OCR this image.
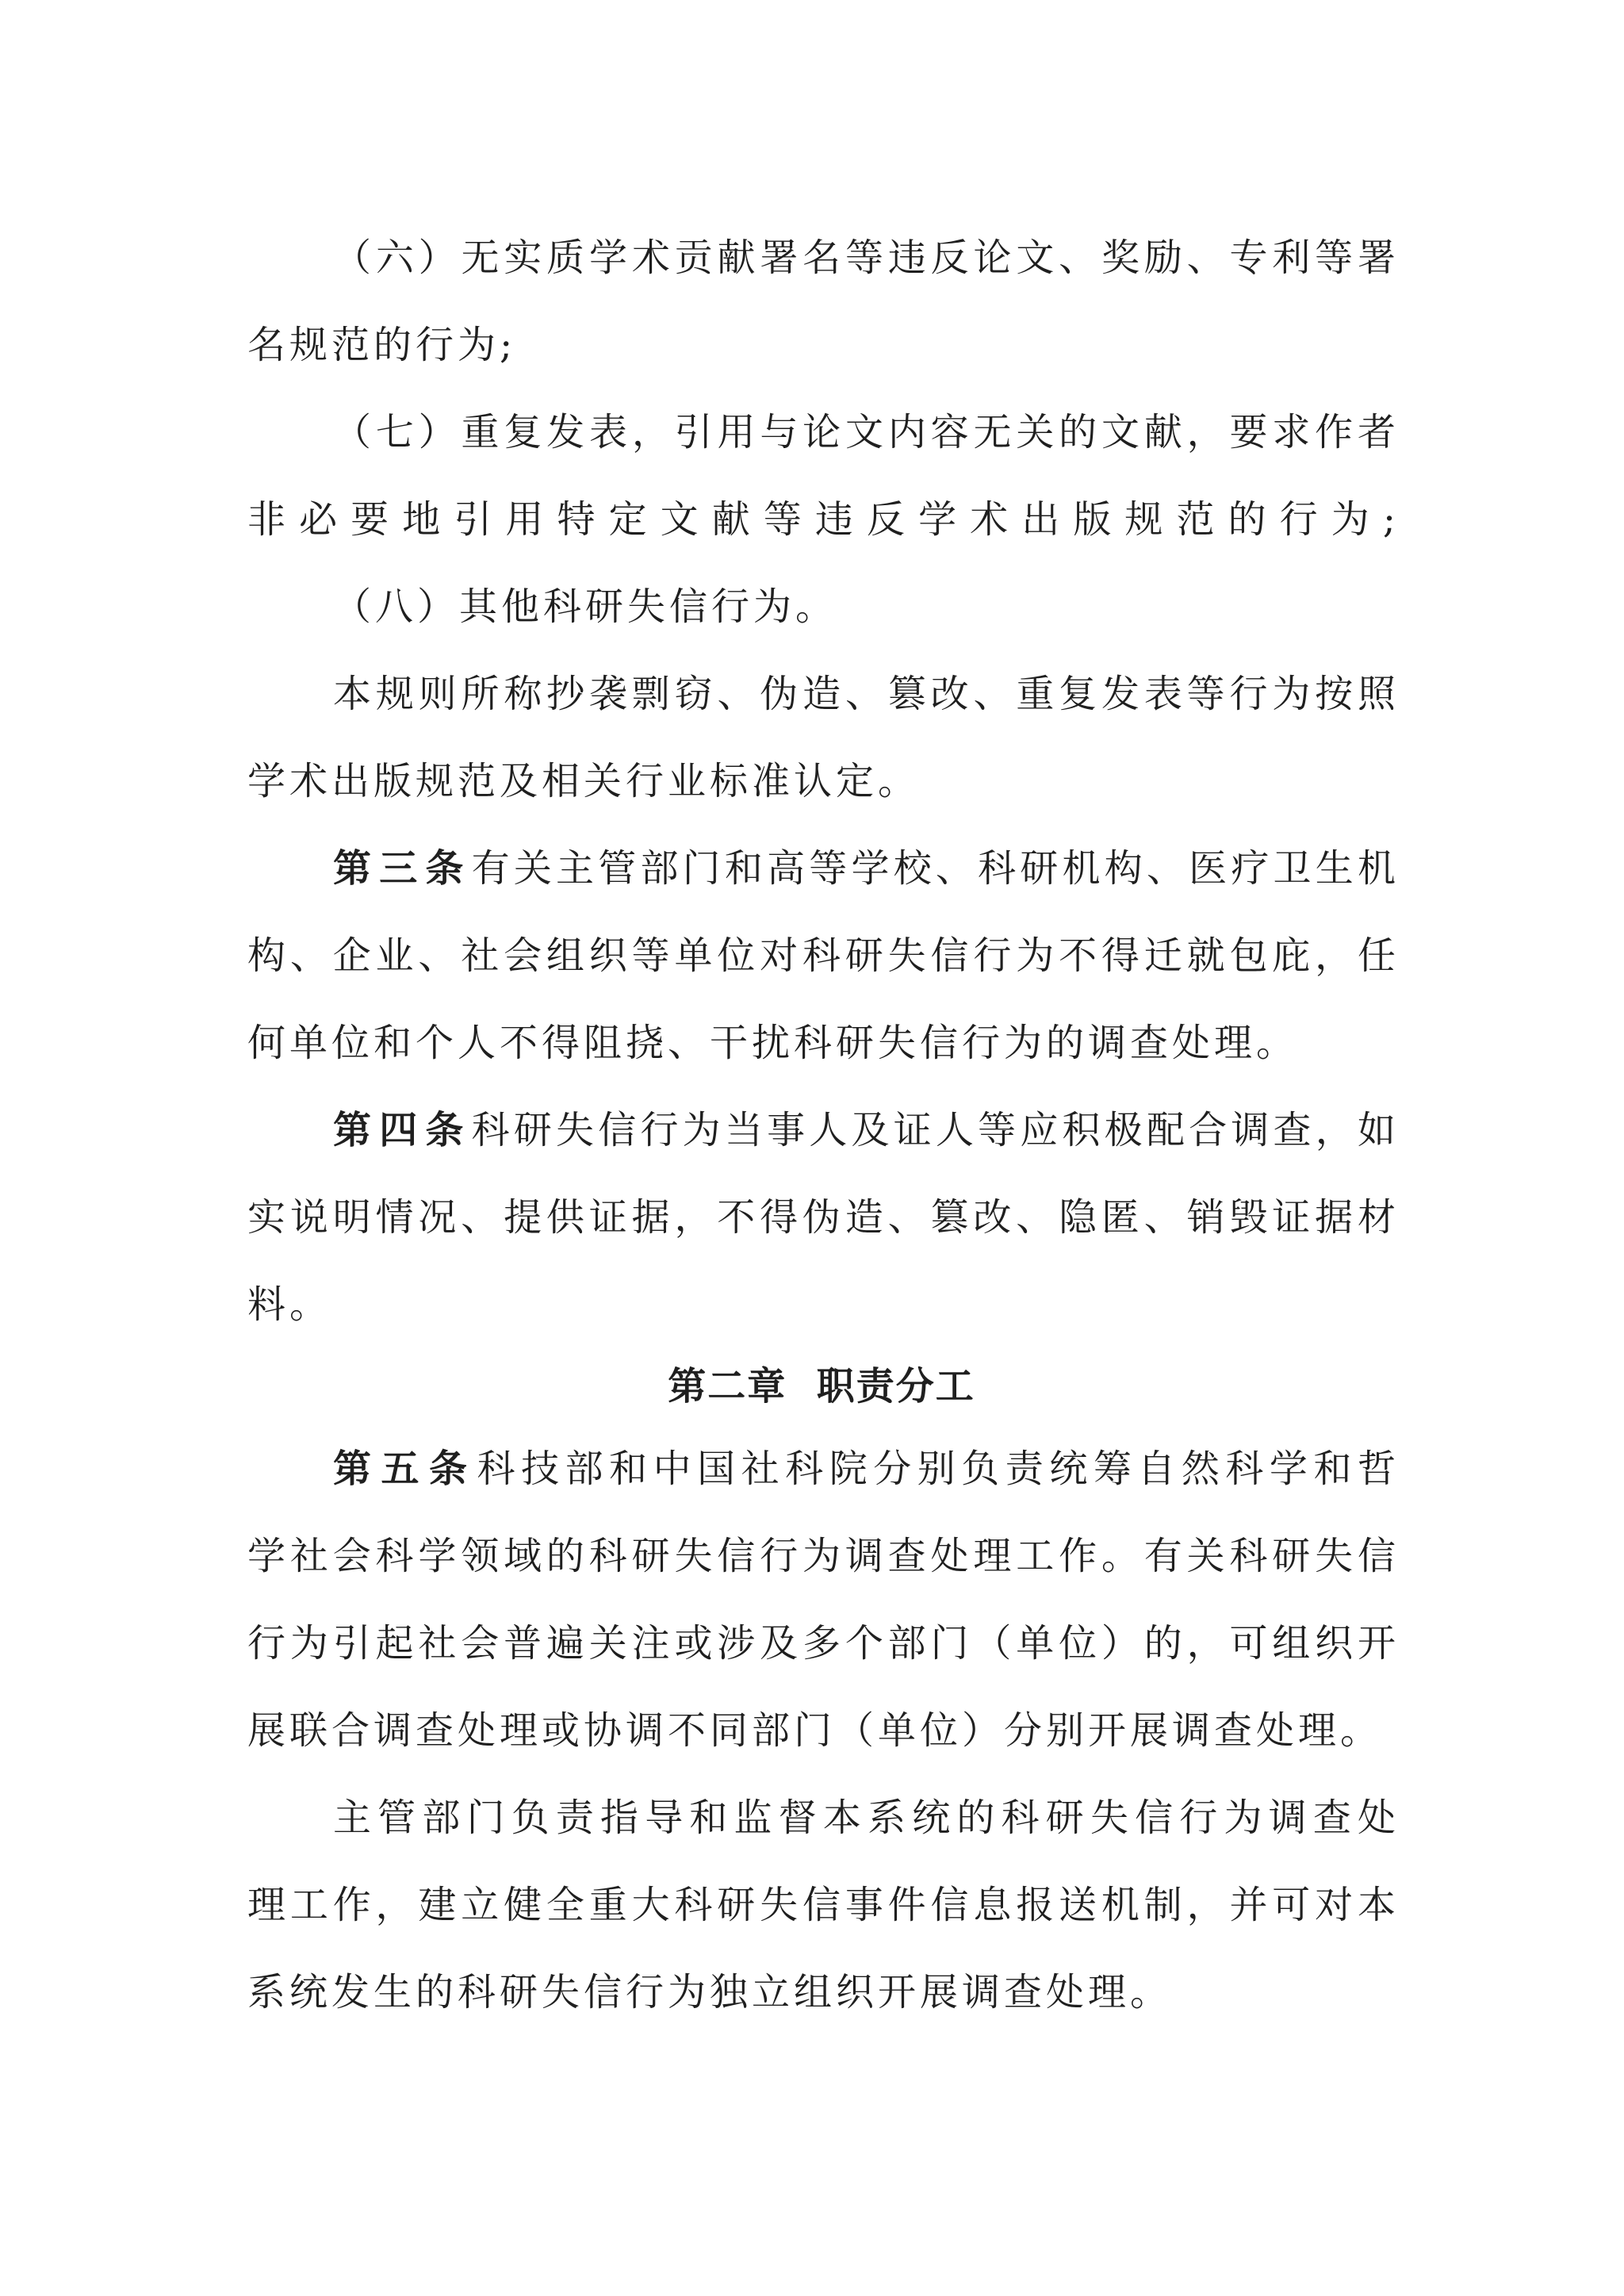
（六）无实质学术贡献署名等违反论文、奖励、专利等署
名规范的行为;
（七）重复发表，引用与论文内容无关的文献，要求作者
非必要地引用特定文献等违反学术出版规范的行为;
（八）其他科研失信行为。
本规则所称抄袭剽窃、伪造、篡改、重复发表等行为按照
学术出版规范及相关行业标准认定。
第三条有关主管部门和高等学校、科研机构、医疗卫生机
构、企业、社会组织等单位对科研失信行为不得迁就包庇，任
何单位和个人不得阻挠、干扰科研失信行为的调查处理。
第四条科研失信行为当事人及证人等应积极配合调查，如
实说明情况、提供证据，不得伪造、篡改、隐匿、销毁证据材
料。
第二章  职责分工
第五条科技部和中国社科院分别负责统筹自然科学和哲
学社会科学领域的科研失信行为调查处理工作。有关科研失信
行为引起社会普遍关注或涉及多个部门（单位）的，可组织开
展联合调查处理或协调不同部门（单位）分别开展调查处理。
主管部门负责指导和监督本系统的科研失信行为调查处
理工作，建立健全重大科研失信事件信息报送机制，并可对本
系统发生的科研失信行为独立组织开展调查处理。
